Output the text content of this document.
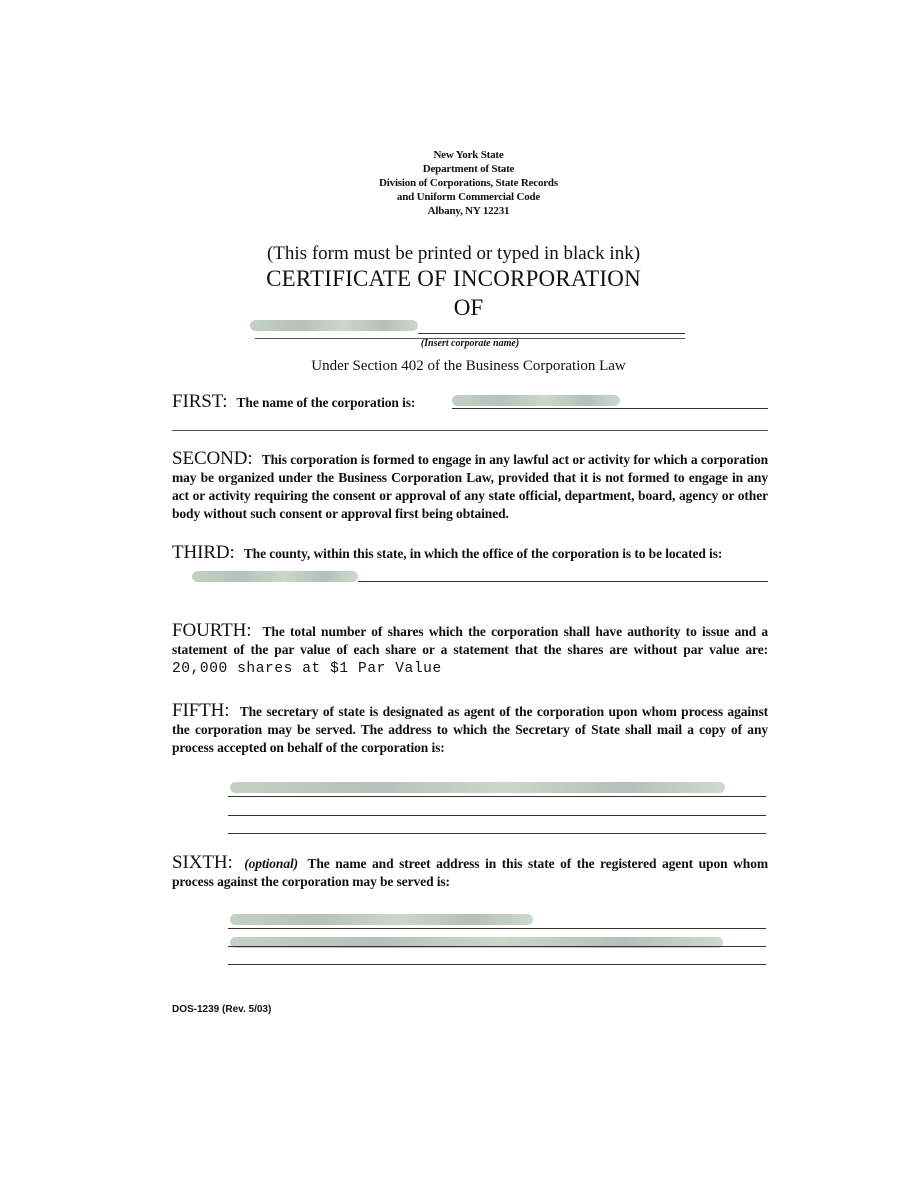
New York State
Department of State
Division of Corporations, State Records
and Uniform Commercial Code
Albany, NY 12231
(This form must be printed or typed in black ink)
CERTIFICATE OF INCORPORATION
OF
(Insert corporate name)
Under Section 402 of the Business Corporation Law
FIRST: The name of the corporation is:
SECOND: This corporation is formed to engage in any lawful act or activity for which a corporation may be organized under the Business Corporation Law, provided that it is not formed to engage in any act or activity requiring the consent or approval of any state official, department, board, agency or other body without such consent or approval first being obtained.
THIRD: The county, within this state, in which the office of the corporation is to be located is:
FOURTH: The total number of shares which the corporation shall have authority to issue and a statement of the par value of each share or a statement that the shares are without par value are: 20,000 shares at $1 Par Value
FIFTH: The secretary of state is designated as agent of the corporation upon whom process against the corporation may be served. The address to which the Secretary of State shall mail a copy of any process accepted on behalf of the corporation is:
SIXTH: (optional) The name and street address in this state of the registered agent upon whom process against the corporation may be served is:
DOS-1239 (Rev. 5/03)
